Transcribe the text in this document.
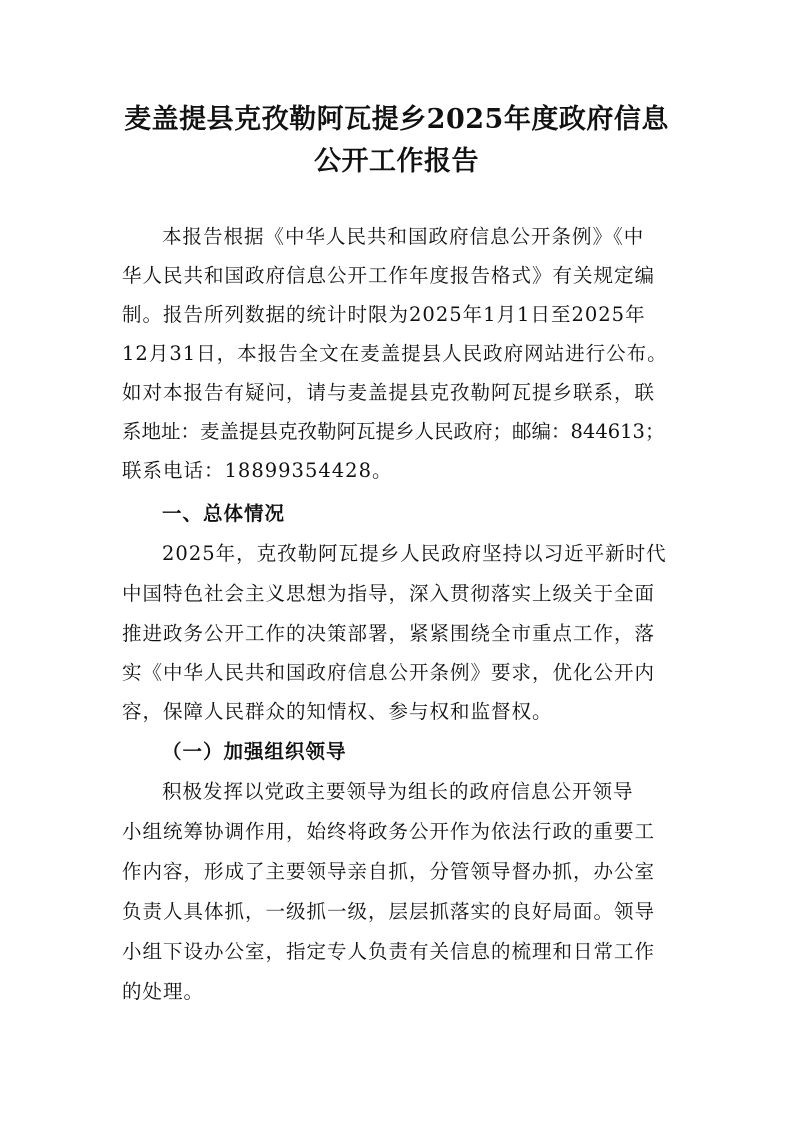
麦盖提县克孜勒阿瓦提乡2025年度政府信息
公开工作报告
本报告根据《中华人民共和国政府信息公开条例》《中
华人民共和国政府信息公开工作年度报告格式》有关规定编
制。报告所列数据的统计时限为2025年1月1日至2025年
12月31日，本报告全文在麦盖提县人民政府网站进行公布。
如对本报告有疑问，请与麦盖提县克孜勒阿瓦提乡联系，联
系地址：麦盖提县克孜勒阿瓦提乡人民政府；邮编：844613；
联系电话：18899354428。
一、总体情况
2025年，克孜勒阿瓦提乡人民政府坚持以习近平新时代
中国特色社会主义思想为指导，深入贯彻落实上级关于全面
推进政务公开工作的决策部署，紧紧围绕全市重点工作，落
实《中华人民共和国政府信息公开条例》要求，优化公开内
容，保障人民群众的知情权、参与权和监督权。
（一）加强组织领导
积极发挥以党政主要领导为组长的政府信息公开领导
小组统筹协调作用，始终将政务公开作为依法行政的重要工
作内容，形成了主要领导亲自抓，分管领导督办抓，办公室
负责人具体抓，一级抓一级，层层抓落实的良好局面。领导
小组下设办公室，指定专人负责有关信息的梳理和日常工作
的处理。
